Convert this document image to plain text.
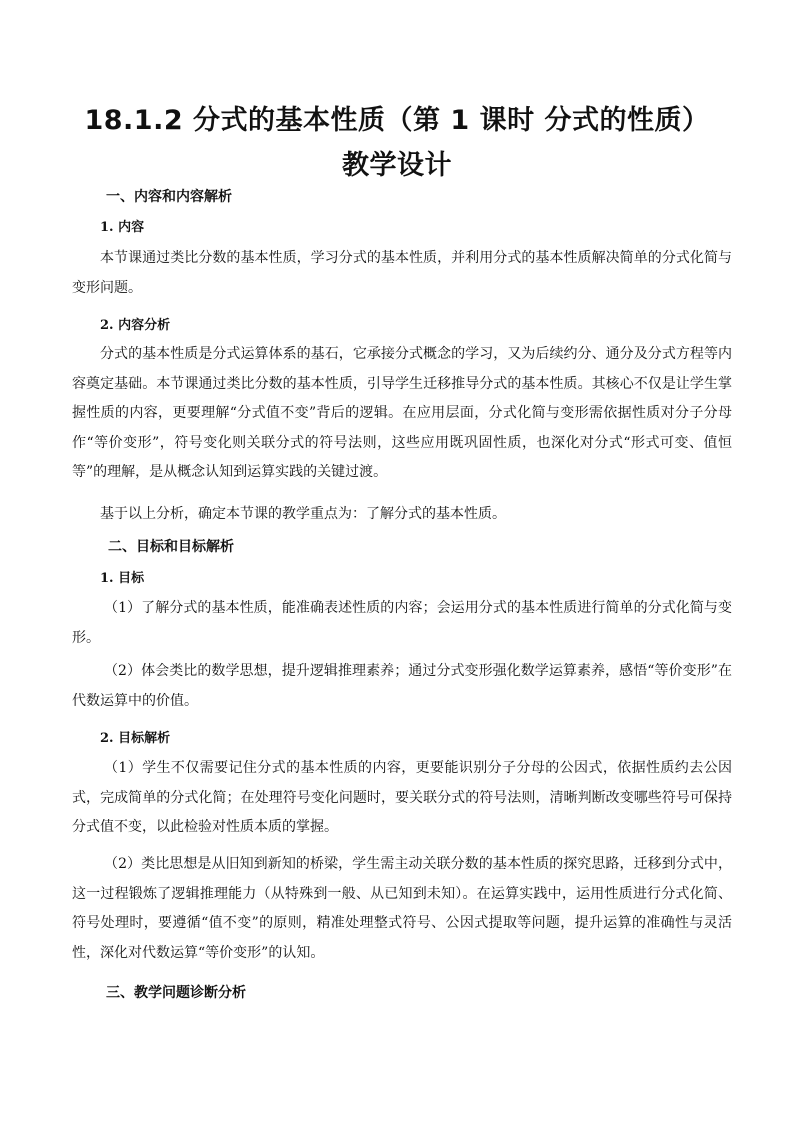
18.1.2 分式的基本性质（第 1 课时 分式的性质）
教学设计
一、内容和内容解析
1. 内容
本节课通过类比分数的基本性质，学习分式的基本性质，并利用分式的基本性质解决简单的分式化简与变形问题。
2. 内容分析
分式的基本性质是分式运算体系的基石，它承接分式概念的学习，又为后续约分、通分及分式方程等内容奠定基础。本节课通过类比分数的基本性质，引导学生迁移推导分式的基本性质。其核心不仅是让学生掌握性质的内容，更要理解“分式值不变”背后的逻辑。在应用层面，分式化简与变形需依据性质对分子分母作“等价变形”，符号变化则关联分式的符号法则，这些应用既巩固性质，也深化对分式“形式可变、值恒等”的理解，是从概念认知到运算实践的关键过渡。
基于以上分析，确定本节课的教学重点为：了解分式的基本性质。
二、目标和目标解析
1. 目标
（1）了解分式的基本性质，能准确表述性质的内容；会运用分式的基本性质进行简单的分式化简与变形。
（2）体会类比的数学思想，提升逻辑推理素养；通过分式变形强化数学运算素养，感悟“等价变形”在代数运算中的价值。
2. 目标解析
（1）学生不仅需要记住分式的基本性质的内容，更要能识别分子分母的公因式，依据性质约去公因式，完成简单的分式化简；在处理符号变化问题时，要关联分式的符号法则，清晰判断改变哪些符号可保持分式值不变，以此检验对性质本质的掌握。
（2）类比思想是从旧知到新知的桥梁，学生需主动关联分数的基本性质的探究思路，迁移到分式中，这一过程锻炼了逻辑推理能力（从特殊到一般、从已知到未知）。在运算实践中，运用性质进行分式化简、符号处理时，要遵循“值不变”的原则，精准处理整式符号、公因式提取等问题，提升运算的准确性与灵活性，深化对代数运算“等价变形”的认知。
三、教学问题诊断分析
